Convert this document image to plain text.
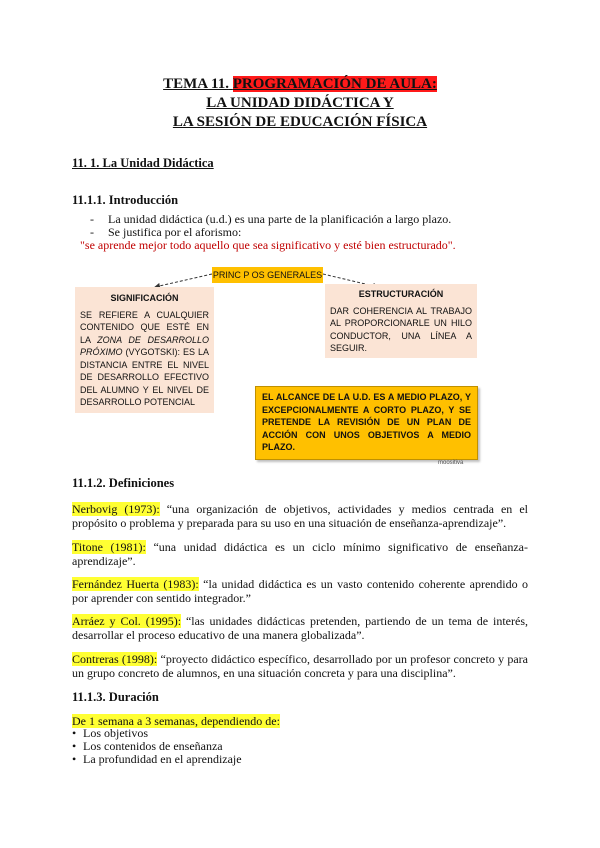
TEMA 11. PROGRAMACIÓN DE AULA:
LA UNIDAD DIDÁCTICA Y
LA SESIÓN DE EDUCACIÓN FÍSICA
11. 1. La Unidad Didáctica
11.1.1. Introducción
- La unidad didáctica (u.d.) es una parte de la planificación a largo plazo.
- Se justifica por el aforismo:
"se aprende mejor todo aquello que sea significativo y esté bien estructurado".
PRINC P OS GENERALES
SIGNIFICACIÓN
SE REFIERE A CUALQUIER CONTENIDO QUE ESTÉ EN LA ZONA DE DESARROLLO PRÓXIMO (VYGOTSKI): ES LA DISTANCIA ENTRE EL NIVEL DE DESARROLLO EFECTIVO DEL ALUMNO Y EL NIVEL DE DESARROLLO POTENCIAL
ESTRUCTURACIÓN
DAR COHERENCIA AL TRABAJO AL PROPORCIONARLE UN HILO CONDUCTOR, UNA LÍNEA A SEGUIR.
EL ALCANCE DE LA U.D. ES A MEDIO PLAZO, Y EXCEPCIONALMENTE A CORTO PLAZO, Y SE PRETENDE LA REVISIÓN DE UN PLAN DE ACCIÓN CON UNOS OBJETIVOS A MEDIO PLAZO.
moositiva
11.1.2. Definiciones
Nerbovig (1973): “una organización de objetivos, actividades y medios centrada en el propósito o problema y preparada para su uso en una situación de enseñanza-aprendizaje”.
Titone (1981): “una unidad didáctica es un ciclo mínimo significativo de enseñanza-aprendizaje”.
Fernández Huerta (1983): “la unidad didáctica es un vasto contenido coherente aprendido o por aprender con sentido integrador.”
Arráez y Col. (1995): “las unidades didácticas pretenden, partiendo de un tema de interés, desarrollar el proceso educativo de una manera globalizada”.
Contreras (1998): “proyecto didáctico específico, desarrollado por un profesor concreto y para un grupo concreto de alumnos, en una situación concreta y para una disciplina”.
11.1.3. Duración
De 1 semana a 3 semanas, dependiendo de:
• Los objetivos
• Los contenidos de enseñanza
• La profundidad en el aprendizaje
